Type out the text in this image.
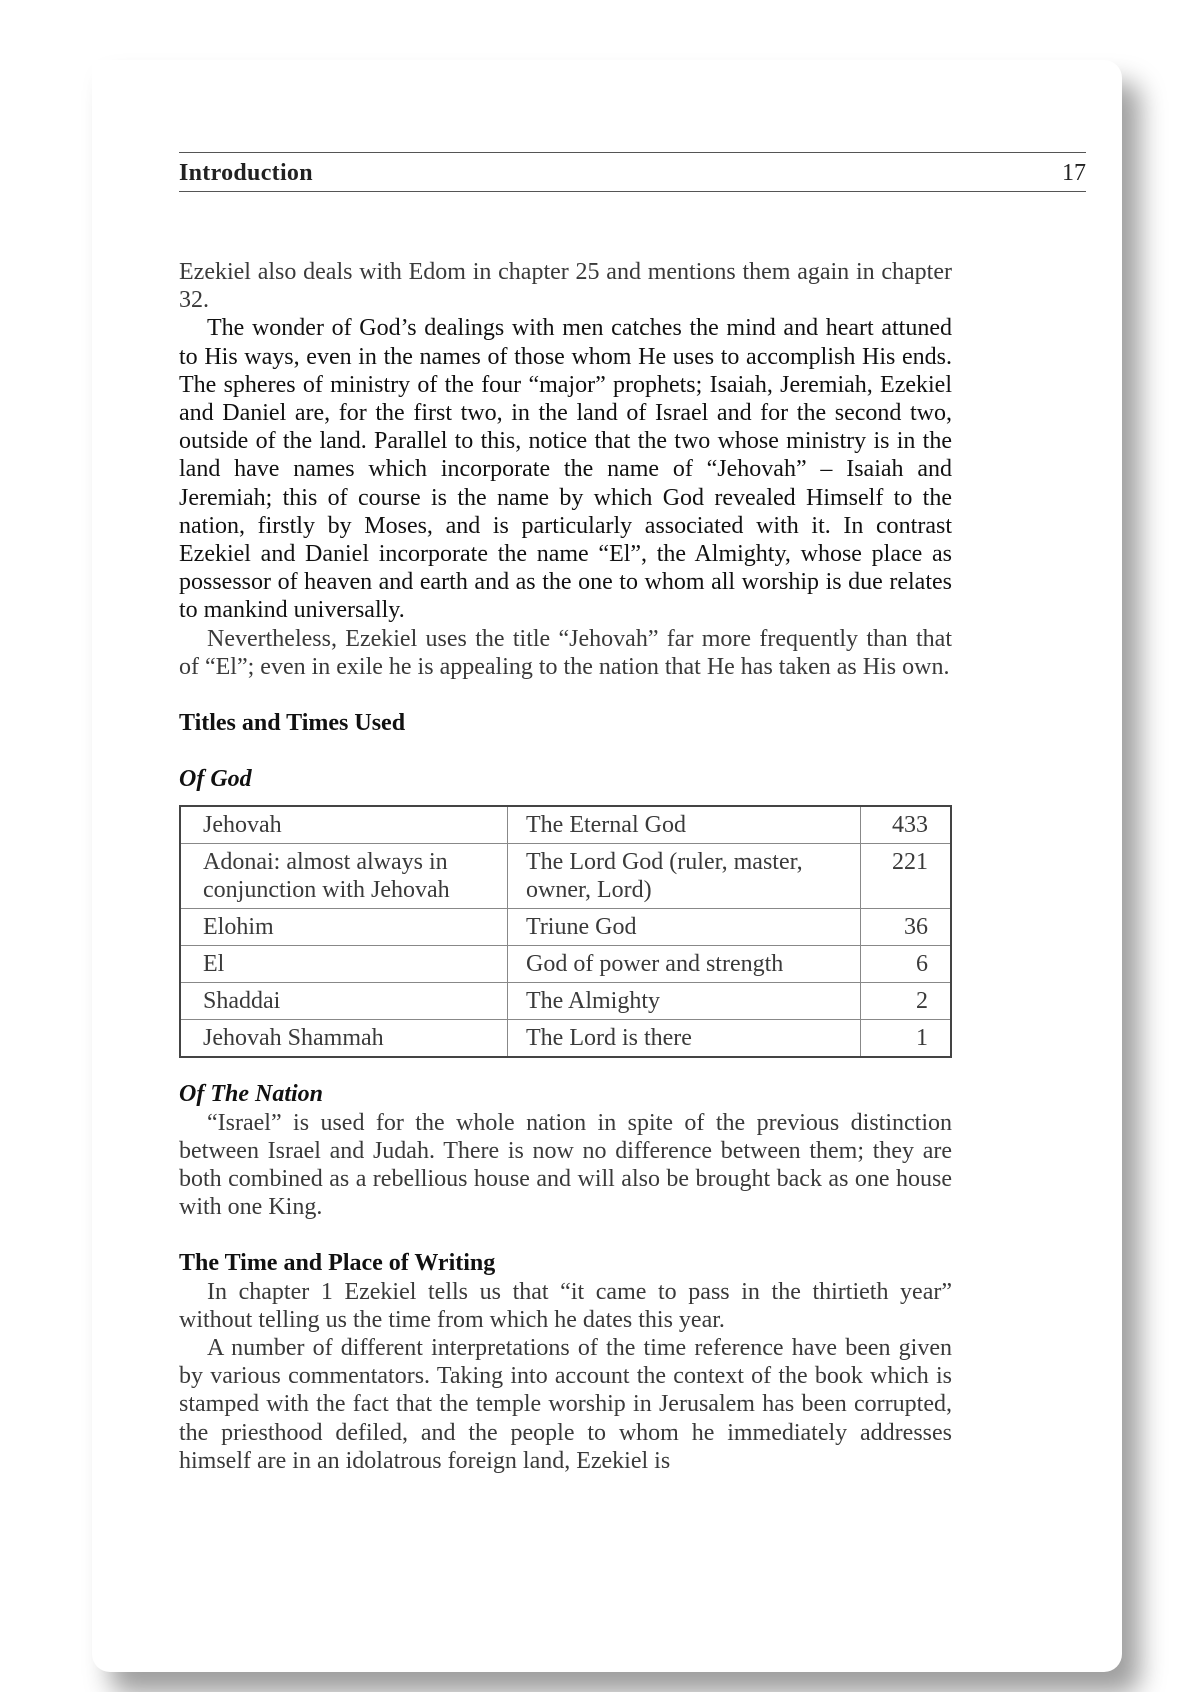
Introduction	17

Ezekiel also deals with Edom in chapter 25 and mentions them again in chapter 32.

The wonder of God’s dealings with men catches the mind and heart attuned to His ways, even in the names of those whom He uses to accomplish His ends. The spheres of ministry of the four “major” prophets; Isaiah, Jeremiah, Ezekiel and Daniel are, for the first two, in the land of Israel and for the second two, outside of the land. Parallel to this, notice that the two whose ministry is in the land have names which incorporate the name of “Jehovah” – Isaiah and Jeremiah; this of course is the name by which God revealed Himself to the nation, firstly by Moses, and is particularly associated with it. In contrast Ezekiel and Daniel incorporate the name “El”, the Almighty, whose place as possessor of heaven and earth and as the one to whom all worship is due relates to mankind universally.

Nevertheless, Ezekiel uses the title “Jehovah” far more frequently than that of “El”; even in exile he is appealing to the nation that He has taken as His own.

Titles and Times Used

Of God

Jehovah	The Eternal God	433
Adonai: almost always in conjunction with Jehovah	The Lord God (ruler, master, owner, Lord)	221
Elohim	Triune God	36
El	God of power and strength	6
Shaddai	The Almighty	2
Jehovah Shammah	The Lord is there	1

Of The Nation

“Israel” is used for the whole nation in spite of the previous distinction between Israel and Judah. There is now no difference between them; they are both combined as a rebellious house and will also be brought back as one house with one King.

The Time and Place of Writing

In chapter 1 Ezekiel tells us that “it came to pass in the thirtieth year” without telling us the time from which he dates this year.

A number of different interpretations of the time reference have been given by various commentators. Taking into account the context of the book which is stamped with the fact that the temple worship in Jerusalem has been corrupted, the priesthood defiled, and the people to whom he immediately addresses himself are in an idolatrous foreign land, Ezekiel is
